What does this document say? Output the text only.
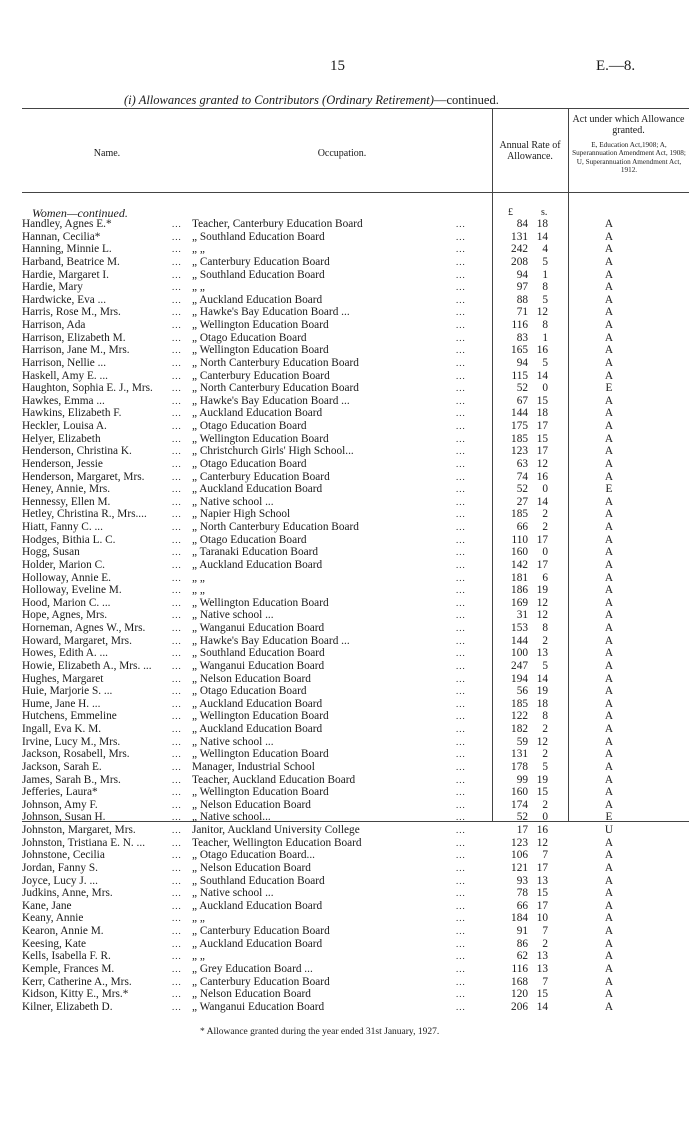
15	E.—8.
(i) Allowances granted to Contributors (Ordinary Retirement)—continued.
Name.	Occupation.
Annual Rate of Allowance.
Act under which Allowance granted.
E, Education Act,1908; A, Superannuation Amendment Act, 1908; U, Superannuation Amendment Act, 1912.
Women—continued.	£	s.
Handley, Agnes E.*	... Teacher, Canterbury Education Board	...	84 18	A
Hannan, Cecilia*	... „ Southland Education Board	...	131 14	A
Hanning, Minnie L.	... „ „	...	242	4	A
Harband, Beatrice M.	... „ Canterbury Education Board	...	208	5	A
Hardie, Margaret I.	... „ Southland Education Board	...	94	1	A
Hardie, Mary	... „ „	...	97	8	A
Hardwicke, Eva ...	... „ Auckland Education Board	...	88	5	A
Harris, Rose M., Mrs.	... „ Hawke's Bay Education Board ...	...	71 12	A
Harrison, Ada	... „ Wellington Education Board	...	116	8	A
Harrison, Elizabeth M.	... „ Otago Education Board	...	83	1	A
Harrison, Jane M., Mrs.	... „ Wellington Education Board	...	165 16	A
Harrison, Nellie ...	... „ North Canterbury Education Board	...	94	5	A
Haskell, Amy E. ...	... „ Canterbury Education Board	...	115 14	A
Haughton, Sophia E. J., Mrs. ... „ North Canterbury Education Board	...	52	0	E
Hawkes, Emma ...	... „ Hawke's Bay Education Board ...	...	67 15	A
Hawkins, Elizabeth F.	... „ Auckland Education Board	...	144 18	A
Heckler, Louisa A.	... „ Otago Education Board	...	175 17	A
Helyer, Elizabeth	... „ Wellington Education Board	...	185 15	A
Henderson, Christina K.	... „ Christchurch Girls' High School...	...	123 17	A
Henderson, Jessie	... „ Otago Education Board	...	63 12	A
Henderson, Margaret, Mrs.	... „ Canterbury Education Board	...	74 16	A
Heney, Annie, Mrs.	... „ Auckland Education Board	...	52	0	E
Hennessy, Ellen M.	... „ Native school ...	...	27 14	A
Hetley, Christina R., Mrs....	... „ Napier High School	...	185	2	A
Hiatt, Fanny C. ...	... „ North Canterbury Education Board	...	66	2	A
Hodges, Bithia L. C.	... „ Otago Education Board	...	110 17	A
Hogg, Susan	... „ Taranaki Education Board	...	160	0	A
Holder, Marion C.	... „ Auckland Education Board	...	142 17	A
Holloway, Annie E.	... „ „	...	181	6	A
Holloway, Eveline M.	... „ „	...	186 19	A
Hood, Marion C. ...	... „ Wellington Education Board	...	169 12	A
Hope, Agnes, Mrs.	... „ Native school ...	...	31 12	A
Horneman, Agnes W., Mrs.	... „ Wanganui Education Board	...	153	8	A
Howard, Margaret, Mrs.	... „ Hawke's Bay Education Board ...	...	144	2	A
Howes, Edith A. ...	... „ Southland Education Board	...	100 13	A
Howie, Elizabeth A., Mrs. ... ... „ Wanganui Education Board	...	247	5	A
Hughes, Margaret	... „ Nelson Education Board	...	194 14	A
Huie, Marjorie S. ...	... „ Otago Education Board	...	56 19	A
Hume, Jane H. ...	... „ Auckland Education Board	...	185 18	A
Hutchens, Emmeline	... „ Wellington Education Board	...	122	8	A
Ingall, Eva K. M.	... „ Auckland Education Board	...	182	2	A
Irvine, Lucy M., Mrs.	... „ Native school ...	...	59 12	A
Jackson, Rosabell, Mrs.	... „ Wellington Education Board	...	131	2	A
Jackson, Sarah E.	... Manager, Industrial School	...	178	5	A
James, Sarah B., Mrs.	... Teacher, Auckland Education Board	...	99 19	A
Jefferies, Laura*	... „ Wellington Education Board	...	160 15	A
Johnson, Amy F.	... „ Nelson Education Board	...	174	2	A
Johnson, Susan H.	... „ Native school...	...	52	0	E
Johnston, Margaret, Mrs.	... Janitor, Auckland University College	...	17 16	U
Johnston, Tristiana E. N. ...	... Teacher, Wellington Education Board	...	123 12	A
Johnstone, Cecilia	... „ Otago Education Board...	...	106	7	A
Jordan, Fanny S.	... „ Nelson Education Board	...	121 17	A
Joyce, Lucy J. ...	... „ Southland Education Board	...	93 13	A
Judkins, Anne, Mrs.	... „ Native school ...	...	78 15	A
Kane, Jane	... „ Auckland Education Board	...	66 17	A
Keany, Annie	... „ „	...	184 10	A
Kearon, Annie M.	... „ Canterbury Education Board	...	91	7	A
Keesing, Kate	... „ Auckland Education Board	...	86	2	A
Kells, Isabella F. R.	... „ „	...	62 13	A
Kemple, Frances M.	... „ Grey Education Board ...	...	116 13	A
Kerr, Catherine A., Mrs.	... „ Canterbury Education Board	...	168	7	A
Kidson, Kitty E., Mrs.*	... „ Nelson Education Board	...	120 15	A
Kilner, Elizabeth D.	... „ Wanganui Education Board	...	206 14	A
* Allowance granted during the year ended 31st January, 1927.
